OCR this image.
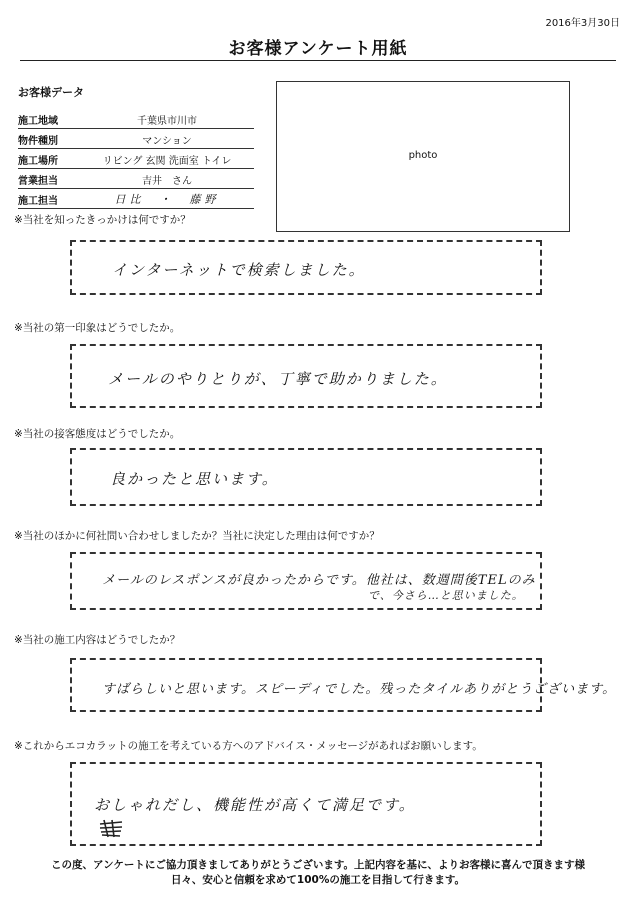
2016年3月30日
お客様アンケート用紙
お客様データ
施工地域	千葉県市川市
物件種別	マンション
施工場所	リビング 玄関 洗面室 トイレ
営業担当	吉井　さん
施工担当	日比　・　藤野
photo
※当社を知ったきっかけは何ですか？
インターネットで検索しました。
※当社の第一印象はどうでしたか。
メールのやりとりが、丁寧で助かりました。
※当社の接客態度はどうでしたか。
良かったと思います。
※当社のほかに何社問い合わせしましたか？当社に決定した理由は何ですか？
メールのレスポンスが良かったからです。他社は、数週間後TELのみ
で、今さら…と思いました。
※当社の施工内容はどうでしたか？
すばらしいと思います。スピーディでした。残ったタイルありがとうございます。
※これからエコカラットの施工を考えている方へのアドバイス・メッセージがあればお願いします。
おしゃれだし、機能性が高くて満足です。
この度、アンケートにご協力頂きましてありがとうございます。上記内容を基に、よりお客様に喜んで頂きます様
日々、安心と信頼を求めて100%の施工を目指して行きます。
